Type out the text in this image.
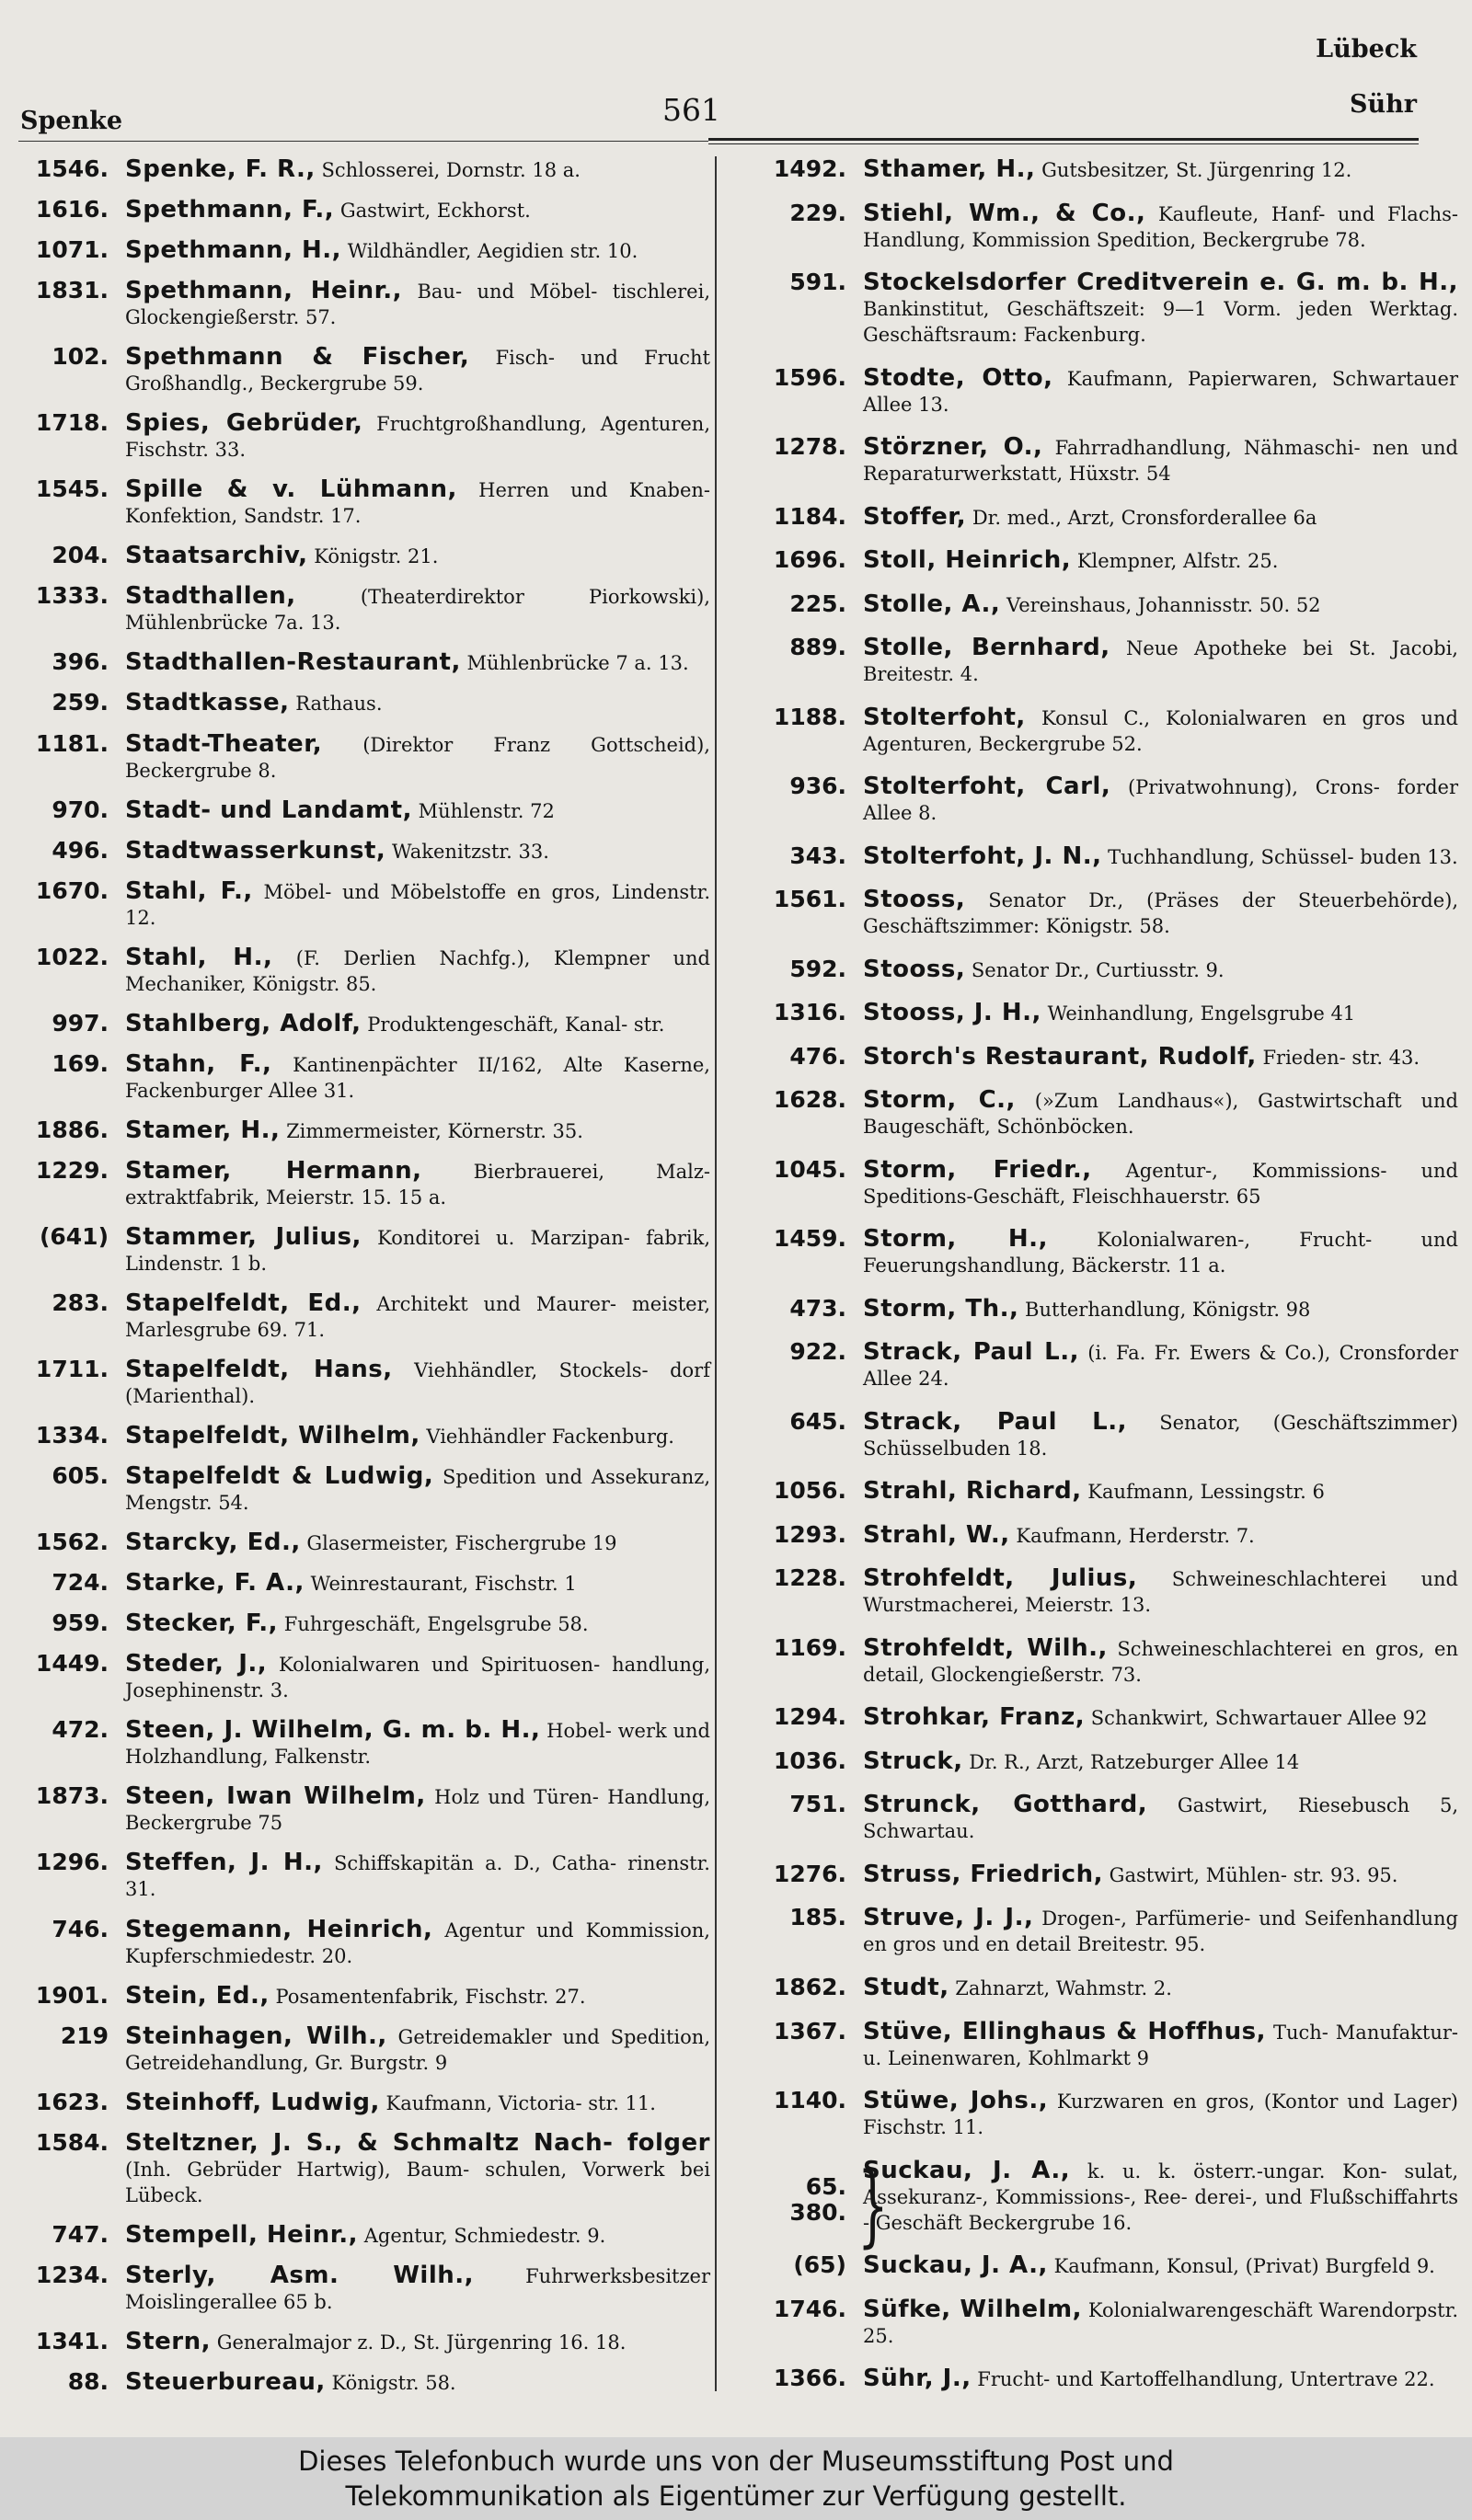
Lübeck
Spenke	561	Sühr
1546. Spenke, F. R., Schlosserei, Dornstr. 18 a.
1616. Spethmann, F., Gastwirt, Eckhorst.
1071. Spethmann, H., Wildhändler, Aegidien str. 10.
1831. Spethmann, Heinr., Bau- und Möbel- tischlerei, Glockengießerstr. 57.
102. Spethmann & Fischer, Fisch- und Frucht Großhandlg., Beckergrube 59.
1718. Spies, Gebrüder, Fruchtgroßhandlung, Agenturen, Fischstr. 33.
1545. Spille & v. Lühmann, Herren und Knaben-Konfektion, Sandstr. 17.
204. Staatsarchiv, Königstr. 21.
1333. Stadthallen,	(Theaterdirektor Piorkowski), Mühlenbrücke 7a. 13.
396. Stadthallen-Restaurant, Mühlenbrücke 7 a. 13.
259. Stadtkasse, Rathaus.
1181. Stadt-Theater, (Direktor Franz Gottscheid), Beckergrube 8.
970. Stadt- und Landamt, Mühlenstr. 72
496. Stadtwasserkunst, Wakenitzstr. 33.
1670. Stahl, F., Möbel- und Möbelstoffe en gros, Lindenstr. 12.
1022. Stahl, H., (F. Derlien Nachfg.), Klempner und Mechaniker, Königstr. 85.
997. Stahlberg, Adolf, Produktengeschäft, Kanal- str.
169. Stahn, F., Kantinenpächter II/162, Alte Kaserne, Fackenburger Allee 31.
1886. Stamer, H., Zimmermeister, Körnerstr. 35.
1229. Stamer, Hermann,	Bierbrauerei, Malz- extraktfabrik, Meierstr. 15. 15 a.
(641) Stammer, Julius, Konditorei u. Marzipan- fabrik, Lindenstr. 1 b.
283. Stapelfeldt, Ed., Architekt und Maurer- meister, Marlesgrube 69. 71.
1711. Stapelfeldt, Hans, Viehhändler, Stockels- dorf (Marienthal).
1334. Stapelfeldt, Wilhelm, Viehhändler Fackenburg.
605. Stapelfeldt & Ludwig, Spedition und Assekuranz, Mengstr. 54.
1562. Starcky, Ed., Glasermeister, Fischergrube 19
724. Starke, F. A., Weinrestaurant, Fischstr. 1
959. Stecker, F., Fuhrgeschäft, Engelsgrube 58.
1449. Steder, J., Kolonialwaren und Spirituosen- handlung, Josephinenstr. 3.
472. Steen, J. Wilhelm, G. m. b. H., Hobel- werk und Holzhandlung, Falkenstr.
1873. Steen, Iwan Wilhelm, Holz und Türen- Handlung, Beckergrube 75
1296. Steffen, J. H., Schiffskapitän a. D., Catha- rinenstr. 31.
746. Stegemann, Heinrich, Agentur und Kommission, Kupferschmiedestr. 20.
1901. Stein, Ed., Posamentenfabrik, Fischstr. 27.
219 Steinhagen, Wilh., Getreidemakler und Spedition, Getreidehandlung, Gr. Burgstr. 9
1623. Steinhoff, Ludwig, Kaufmann, Victoria- str. 11.
1584. Steltzner, J. S., & Schmaltz Nach- folger (Inh. Gebrüder Hartwig), Baum- schulen, Vorwerk bei Lübeck.
747. Stempell, Heinr., Agentur, Schmiedestr. 9.
1234. Sterly, Asm. Wilh.,	Fuhrwerksbesitzer Moislingerallee 65 b.
1341. Stern, Generalmajor z. D., St. Jürgenring 16. 18.
88. Steuerbureau, Königstr. 58.
1492. Sthamer, H., Gutsbesitzer, St. Jürgenring 12.
229. Stiehl, Wm., & Co., Kaufleute, Hanf- und Flachs-Handlung, Kommission Spedition, Beckergrube 78.
591. Stockelsdorfer Creditverein e. G. m. b. H., Bankinstitut, Geschäftszeit: 9—1 Vorm. jeden Werktag. Geschäftsraum: Fackenburg.
1596. Stodte, Otto, Kaufmann, Papierwaren, Schwartauer Allee 13.
1278. Störzner, O., Fahrradhandlung, Nähmaschi- nen und Reparaturwerkstatt, Hüxstr. 54
1184. Stoffer, Dr. med., Arzt, Cronsforderallee 6a
1696. Stoll, Heinrich, Klempner, Alfstr. 25.
225. Stolle, A., Vereinshaus, Johannisstr. 50. 52
889. Stolle, Bernhard, Neue Apotheke bei St. Jacobi, Breitestr. 4.
1188. Stolterfoht, Konsul C., Kolonialwaren en gros und Agenturen, Beckergrube 52.
936. Stolterfoht, Carl, (Privatwohnung), Crons- forder Allee 8.
343. Stolterfoht, J. N., Tuchhandlung, Schüssel- buden 13.
1561. Stooss, Senator Dr., (Präses der Steuerbehörde), Geschäftszimmer: Königstr. 58.
592. Stooss, Senator Dr., Curtiusstr. 9.
1316. Stooss, J. H., Weinhandlung, Engelsgrube 41
476. Storch's Restaurant, Rudolf, Frieden- str. 43.
1628. Storm, C., (»Zum Landhaus«), Gastwirtschaft und Baugeschäft, Schönböcken.
1045. Storm, Friedr., Agentur-, Kommissions- und Speditions-Geschäft, Fleischhauerstr. 65
1459. Storm, H.,	Kolonialwaren-, Frucht- und Feuerungshandlung, Bäckerstr. 11 a.
473. Storm, Th., Butterhandlung, Königstr. 98
922. Strack, Paul L., (i. Fa. Fr. Ewers & Co.), Cronsforder Allee 24.
645. Strack, Paul L., Senator, (Geschäftszimmer) Schüsselbuden 18.
1056. Strahl, Richard, Kaufmann, Lessingstr. 6
1293. Strahl, W., Kaufmann, Herderstr. 7.
1228. Strohfeldt, Julius, Schweineschlachterei und Wurstmacherei, Meierstr. 13.
1169. Strohfeldt, Wilh., Schweineschlachterei en gros, en detail, Glockengießerstr. 73.
1294. Strohkar, Franz, Schankwirt, Schwartauer Allee 92
1036. Struck, Dr. R., Arzt, Ratzeburger Allee 14
751. Strunck, Gotthard, Gastwirt, Riesebusch 5, Schwartau.
1276. Struss, Friedrich, Gastwirt, Mühlen- str. 93. 95.
185. Struve, J. J., Drogen-, Parfümerie- und Seifenhandlung en gros und en detail Breitestr. 95.
1862. Studt, Zahnarzt, Wahmstr. 2.
1367. Stüve, Ellinghaus & Hoffhus, Tuch- Manufaktur- u. Leinenwaren, Kohlmarkt 9
1140. Stüwe, Johs., Kurzwaren en gros, (Kontor und Lager) Fischstr. 11.
65.
380. }
Suckau, J. A., k. u. k. österr.-ungar. Kon- sulat, Assekuranz-, Kommissions-, Ree- derei-, und Flußschiffahrts - Geschäft Beckergrube 16.
(65) Suckau, J. A., Kaufmann, Konsul, (Privat) Burgfeld 9.
1746. Süfke, Wilhelm, Kolonialwarengeschäft Warendorpstr. 25.
1366. Sühr, J., Frucht- und Kartoffelhandlung, Untertrave 22.
Dieses Telefonbuch wurde uns von der Museumsstiftung Post und
Telekommunikation als Eigentümer zur Verfügung gestellt.
